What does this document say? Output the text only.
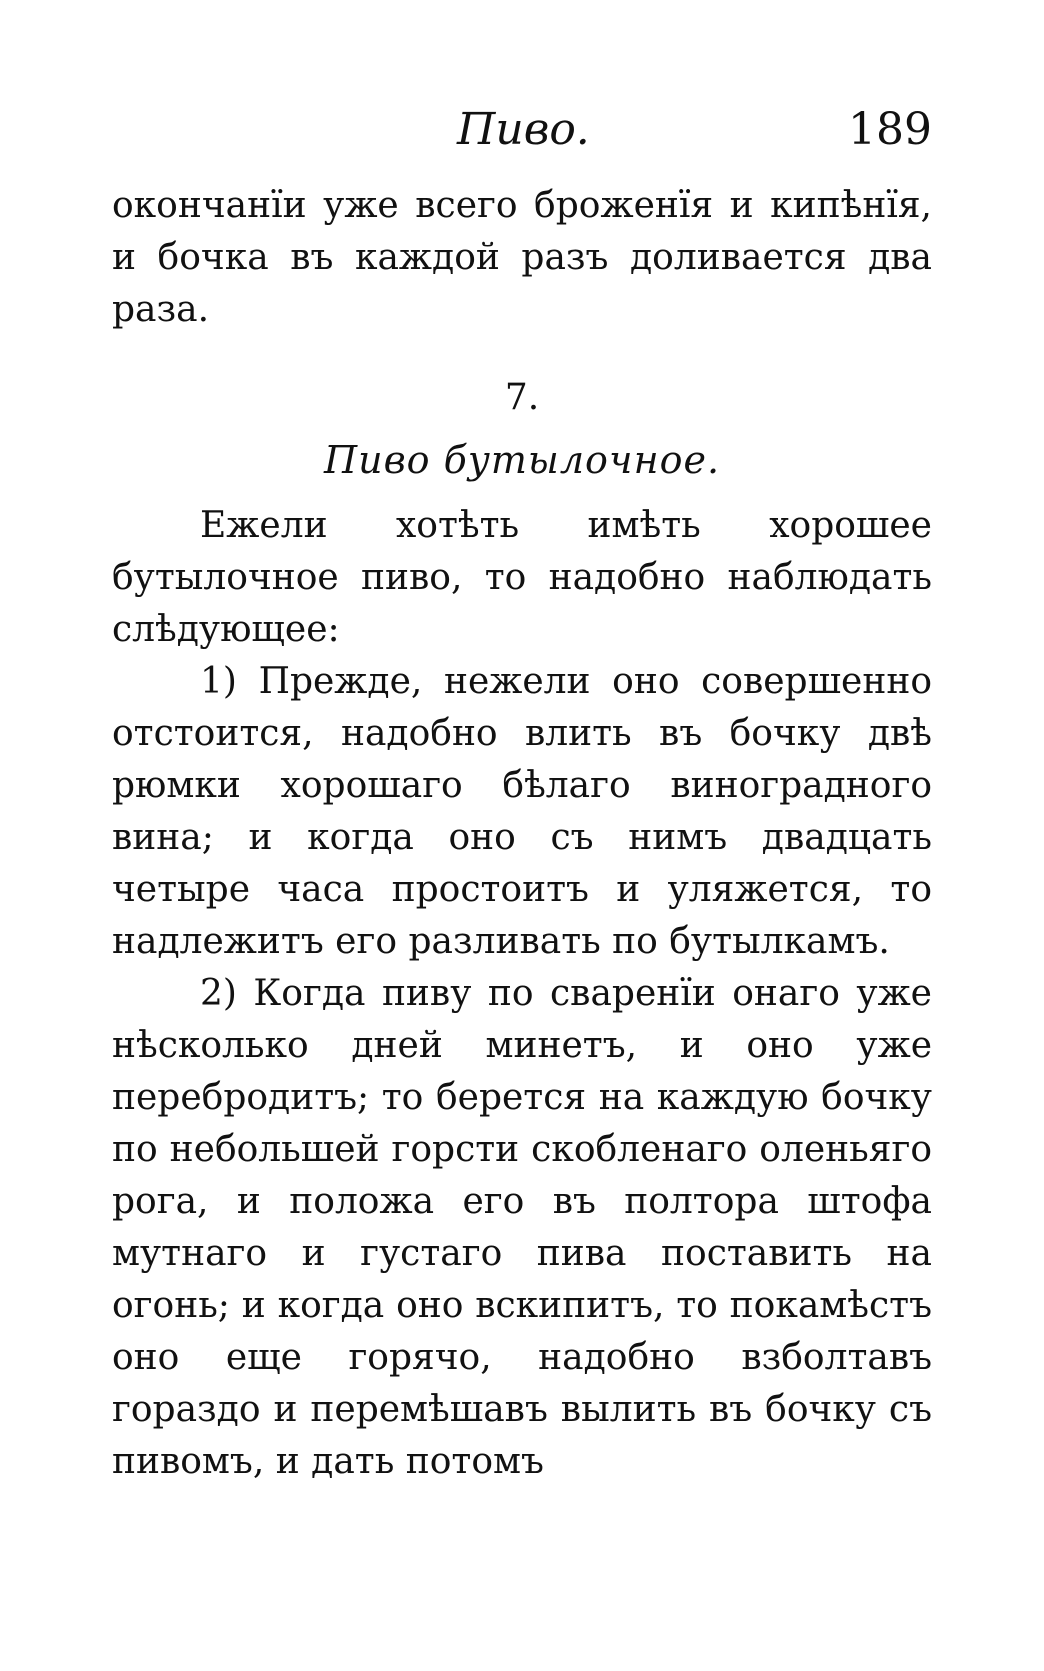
Пиво.	189

окончанїи уже всего броженїя и кипѣнїя, и бочка въ каждой разъ доливается два раза.

7.

Пиво бутылочное.

Ежели хотѣть имѣть хорошее бутылочное пиво, то надобно наблюдать слѣдующее:

1) Прежде, нежели оно совершенно отстоится, надобно влить въ бочку двѣ рюмки хорошаго бѣлаго виноградного вина; и когда оно съ нимъ двадцать четыре часа простоитъ и уляжется, то надлежитъ его разливать по бутылкамъ.

2) Когда пиву по сваренїи онаго уже нѣсколько дней минетъ, и оно уже перебродитъ; то берется на каждую бочку по небольшей горсти скобленаго оленьяго рога, и положа его въ полтора штофа мутнаго и густаго пива поставить на огонь; и когда оно вскипитъ, то покамѣстъ оно еще горячо, надобно взболтавъ гораздо и перемѣшавъ вылить въ бочку съ пивомъ, и дать потомъ
